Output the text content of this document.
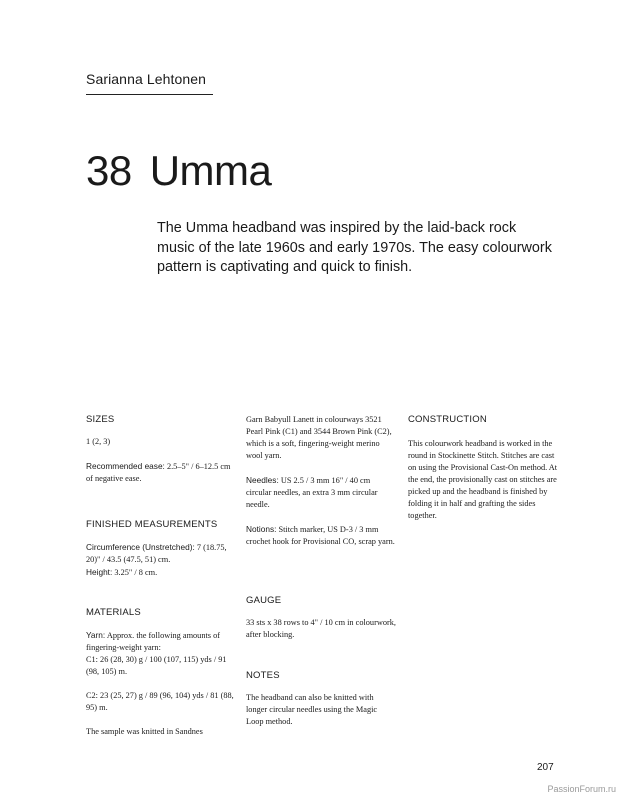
Sarianna Lehtonen
38 Umma
The Umma headband was inspired by the laid-back rock music of the late 1960s and early 1970s. The easy colourwork pattern is captivating and quick to finish.
SIZES

1 (2, 3)

Recommended ease: 2.5–5" / 6–12.5 cm of negative ease.

FINISHED MEASUREMENTS

Circumference (Unstretched): 7 (18.75, 20)" / 43.5 (47.5, 51) cm.

Height: 3.25" / 8 cm.

MATERIALS

Yarn: Approx. the following amounts of fingering-weight yarn:

C1: 26 (28, 30) g / 100 (107, 115) yds / 91 (98, 105) m.

C2: 23 (25, 27) g / 89 (96, 104) yds / 81 (88, 95) m.

The sample was knitted in Sandnes

Garn Babyull Lanett in colourways 3521 Pearl Pink (C1) and 3544 Brown Pink (C2), which is a soft, fingering-weight merino wool yarn.

Needles: US 2.5 / 3 mm 16" / 40 cm circular needles, an extra 3 mm circular needle.

Notions: Stitch marker, US D-3 / 3 mm crochet hook for Provisional CO, scrap yarn.

GAUGE

33 sts x 38 rows to 4" / 10 cm in colourwork, after blocking.

NOTES

The headband can also be knitted with longer circular needles using the Magic Loop method.

CONSTRUCTION

This colourwork headband is worked in the round in Stockinette Stitch. Stitches are cast on using the Provisional Cast-On method. At the end, the provisionally cast on stitches are picked up and the headband is finished by folding it in half and grafting the sides together.

207
PassionForum.ru
